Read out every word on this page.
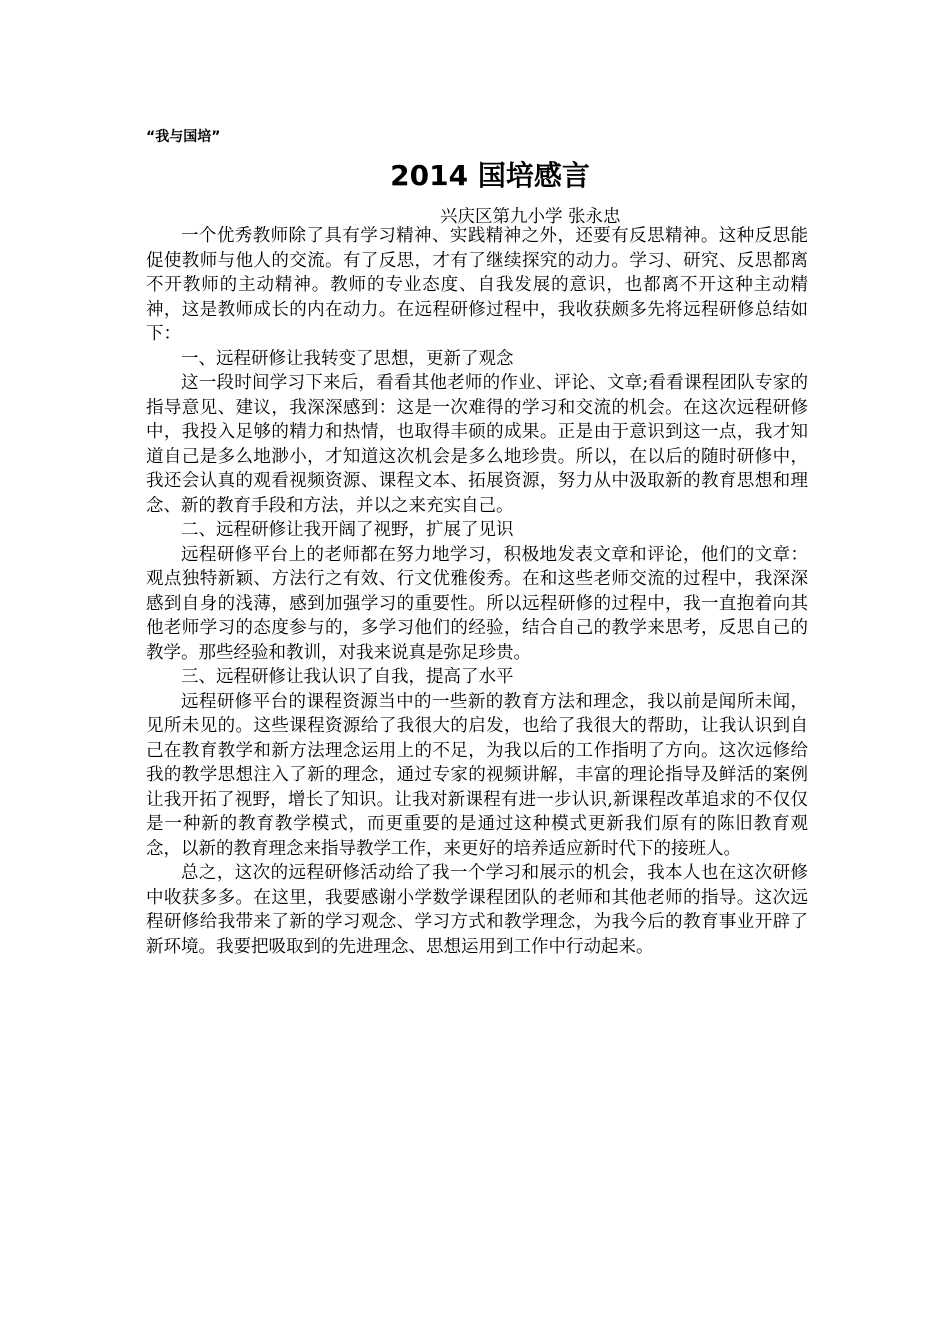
“我与国培”
2014 国培感言
兴庆区第九小学 张永忠

一个优秀教师除了具有学习精神、实践精神之外，还要有反思精神。这种反思能促使教师与他人的交流。有了反思，才有了继续探究的动力。学习、研究、反思都离不开教师的主动精神。教师的专业态度、自我发展的意识，也都离不开这种主动精神，这是教师成长的内在动力。在远程研修过程中，我收获颇多先将远程研修总结如下：

一、远程研修让我转变了思想，更新了观念

这一段时间学习下来后，看看其他老师的作业、评论、文章;看看课程团队专家的指导意见、建议，我深深感到：这是一次难得的学习和交流的机会。在这次远程研修中，我投入足够的精力和热情，也取得丰硕的成果。正是由于意识到这一点，我才知道自己是多么地渺小，才知道这次机会是多么地珍贵。所以，在以后的随时研修中，我还会认真的观看视频资源、课程文本、拓展资源，努力从中汲取新的教育思想和理念、新的教育手段和方法，并以之来充实自己。

二、远程研修让我开阔了视野，扩展了见识

远程研修平台上的老师都在努力地学习，积极地发表文章和评论，他们的文章：观点独特新颖、方法行之有效、行文优雅俊秀。在和这些老师交流的过程中，我深深感到自身的浅薄，感到加强学习的重要性。所以远程研修的过程中，我一直抱着向其他老师学习的态度参与的，多学习他们的经验，结合自己的教学来思考，反思自己的教学。那些经验和教训，对我来说真是弥足珍贵。

三、远程研修让我认识了自我，提高了水平

远程研修平台的课程资源当中的一些新的教育方法和理念，我以前是闻所未闻，见所未见的。这些课程资源给了我很大的启发，也给了我很大的帮助，让我认识到自己在教育教学和新方法理念运用上的不足，为我以后的工作指明了方向。这次远修给我的教学思想注入了新的理念，通过专家的视频讲解，丰富的理论指导及鲜活的案例让我开拓了视野，增长了知识。让我对新课程有进一步认识,新课程改革追求的不仅仅是一种新的教育教学模式，而更重要的是通过这种模式更新我们原有的陈旧教育观念，以新的教育理念来指导教学工作，来更好的培养适应新时代下的接班人。

总之，这次的远程研修活动给了我一个学习和展示的机会，我本人也在这次研修中收获多多。在这里，我要感谢小学数学课程团队的老师和其他老师的指导。这次远程研修给我带来了新的学习观念、学习方式和教学理念，为我今后的教育事业开辟了新环境。我要把吸取到的先进理念、思想运用到工作中行动起来。
